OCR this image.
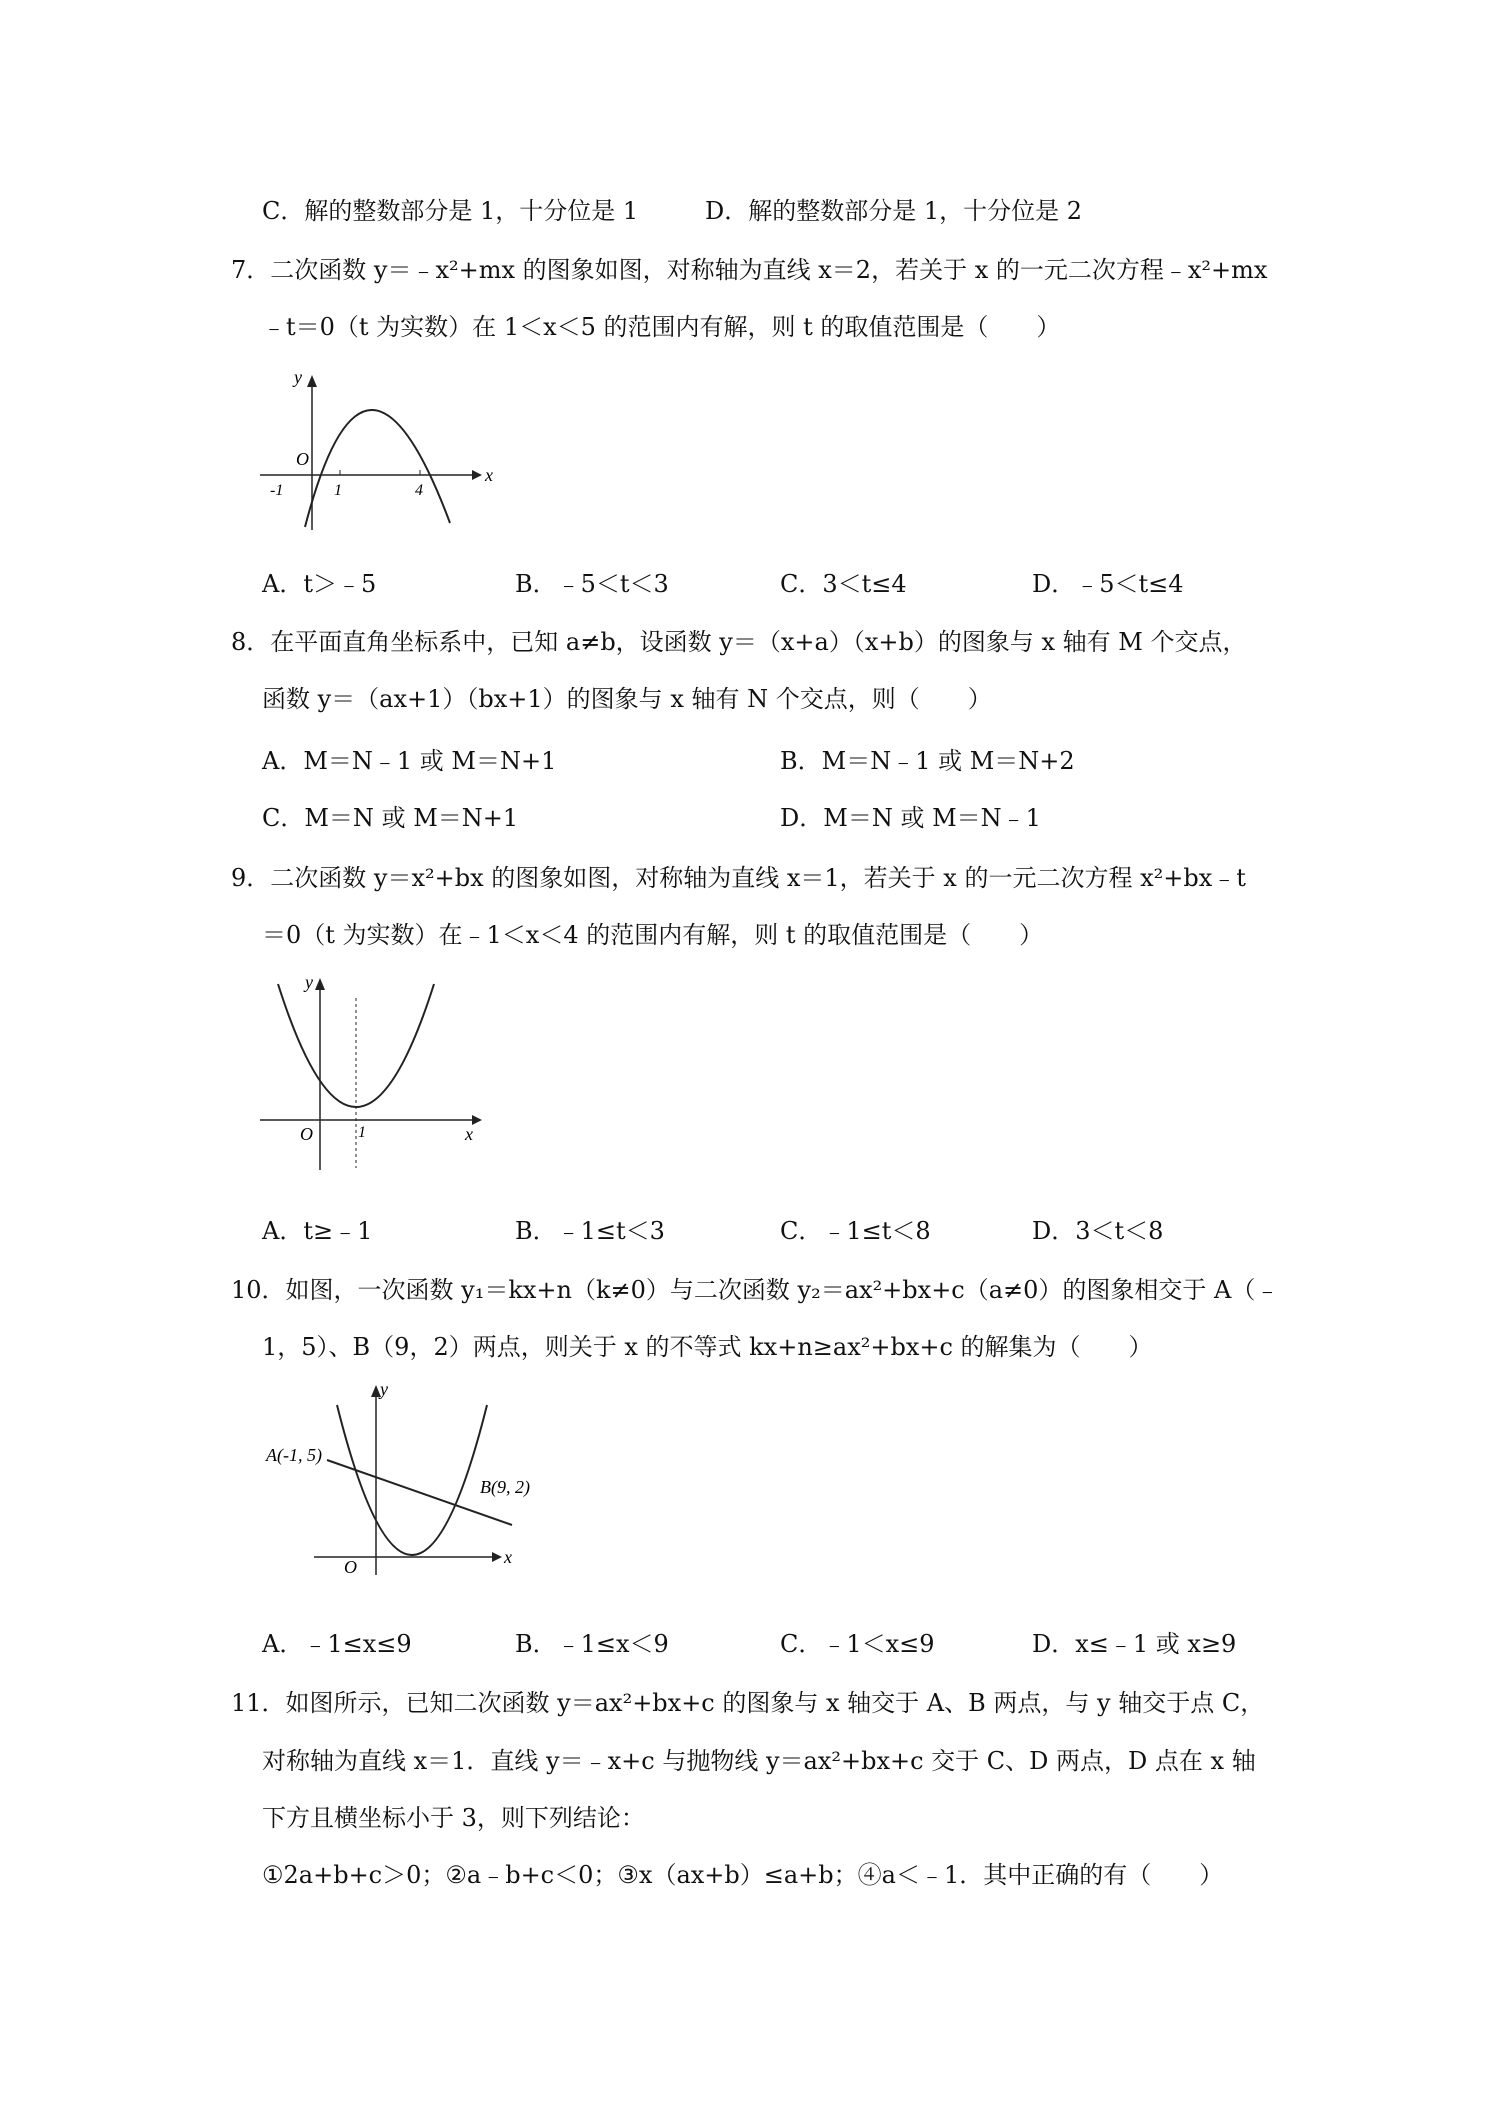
C．解的整数部分是 1，十分位是 1	D．解的整数部分是 1，十分位是 2
7．二次函数 y＝﹣x²+mx 的图象如图，对称轴为直线 x＝2，若关于 x 的一元二次方程﹣x²+mx
﹣t＝0（t 为实数）在 1＜x＜5 的范围内有解，则 t 的取值范围是（　　）
y
x
O
-1	1	4
A．t＞﹣5	B．﹣5＜t＜3	C．3＜t≤4	D．﹣5＜t≤4
8．在平面直角坐标系中，已知 a≠b，设函数 y＝（x+a）（x+b）的图象与 x 轴有 M 个交点，
函数 y＝（ax+1）（bx+1）的图象与 x 轴有 N 个交点，则（　　）
A．M＝N﹣1 或 M＝N+1	B．M＝N﹣1 或 M＝N+2
C．M＝N 或 M＝N+1	D．M＝N 或 M＝N﹣1
9．二次函数 y＝x²+bx 的图象如图，对称轴为直线 x＝1，若关于 x 的一元二次方程 x²+bx﹣t
＝0（t 为实数）在﹣1＜x＜4 的范围内有解，则 t 的取值范围是（　　）
y
x
O	1
A．t≥﹣1	B．﹣1≤t＜3	C．﹣1≤t＜8	D．3＜t＜8
10．如图，一次函数 y₁＝kx+n（k≠0）与二次函数 y₂＝ax²+bx+c（a≠0）的图象相交于 A（﹣
1，5）、B（9，2）两点，则关于 x 的不等式 kx+n≥ax²+bx+c 的解集为（　　）
y
x
O
A(-1, 5)
B(9, 2)
A．﹣1≤x≤9	B．﹣1≤x＜9	C．﹣1＜x≤9	D．x≤﹣1 或 x≥9
11．如图所示，已知二次函数 y＝ax²+bx+c 的图象与 x 轴交于 A、B 两点，与 y 轴交于点 C，
对称轴为直线 x＝1．直线 y＝﹣x+c 与抛物线 y＝ax²+bx+c 交于 C、D 两点，D 点在 x 轴
下方且横坐标小于 3，则下列结论：
①2a+b+c＞0；②a﹣b+c＜0；③x（ax+b）≤a+b；④a＜﹣1．其中正确的有（　　）
